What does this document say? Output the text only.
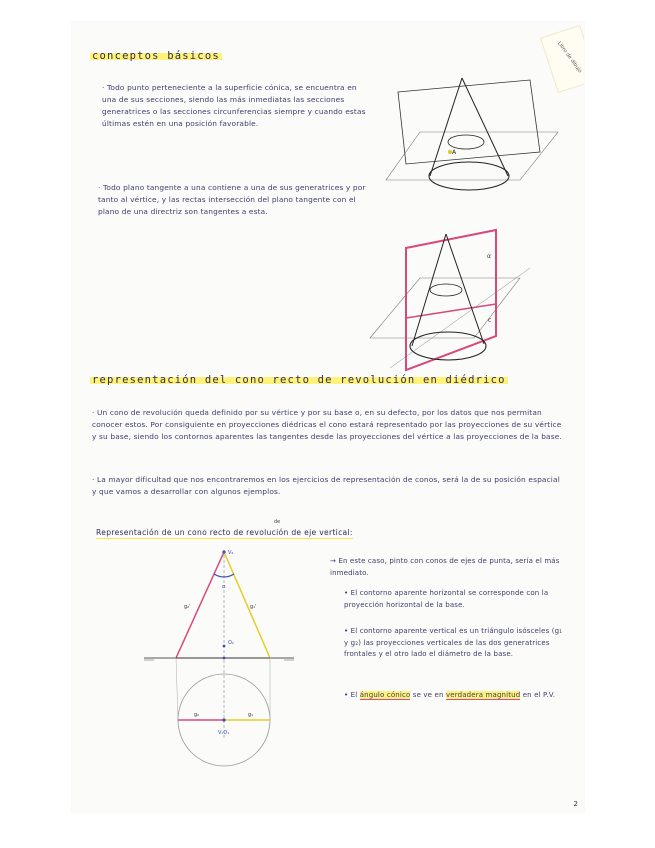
Libro de dibujo
conceptos básicos

· Todo punto perteneciente a la superficie cónica, se encuentra en una de sus secciones, siendo las más inmediatas las secciones generatrices o las secciones circunferencias siempre y cuando estas últimas estén en una posición favorable.

· Todo plano tangente a una contiene a una de sus generatrices y por tanto al vértice, y las rectas intersección del plano tangente con el plano de una directriz son tangentes a esta.

A
α
c
representación del cono recto de revolución en diédrico

· Un cono de revolución queda definido por su vértice y por su base o, en su defecto, por los datos que nos permitan conocer estos. Por consiguiente en proyecciones diédricas el cono estará representado por las proyecciones de su vértice y su base, siendo los contornos aparentes las tangentes desde las proyecciones del vértice a las proyecciones de la base.

· La mayor dificultad que nos encontraremos en los ejercicios de representación de conos, será la de su posición espacial y que vamos a desarrollar con algunos ejemplos.

Representación de un cono recto de revolución de eje vertical:
de
V₂
α
g₂'	g₁'
O₂
g₂	g₁
V₁O₁

→ En este caso, pinto con conos de ejes de punta, sería el más inmediato.

• El contorno aparente horizontal se corresponde con la proyección horizontal de la base.

• El contorno aparente vertical es un triángulo isósceles (g₁ y g₂) las proyecciones verticales de las dos generatrices frontales y el otro lado el diámetro de la base.

• El ángulo cónico se ve en verdadera magnitud en el P.V.

2
